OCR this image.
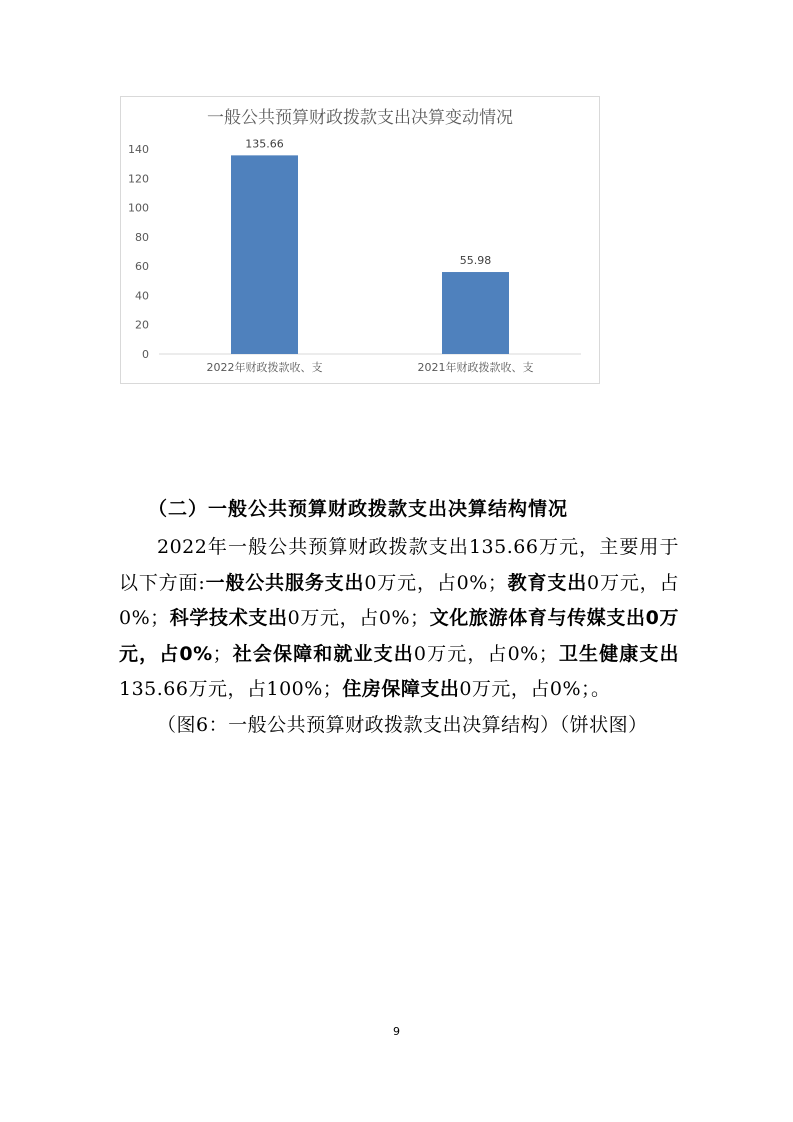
一般公共预算财政拨款支出决算变动情况
0
20
40
60
80
100
120
140	135.66
2022年财政拨款收、支
55.98
2021年财政拨款收、支
（二）一般公共预算财政拨款支出决算结构情况

2022年一般公共预算财政拨款支出135.66万元，主要用于以下方面:一般公共服务支出0万元，占0%；教育支出0万元，占0%；科学技术支出0万元，占0%；文化旅游体育与传媒支出0万元，占0%；社会保障和就业支出0万元，占0%；卫生健康支出135.66万元，占100%；住房保障支出0万元，占0%；。

（图6：一般公共预算财政拨款支出决算结构）（饼状图）

9
